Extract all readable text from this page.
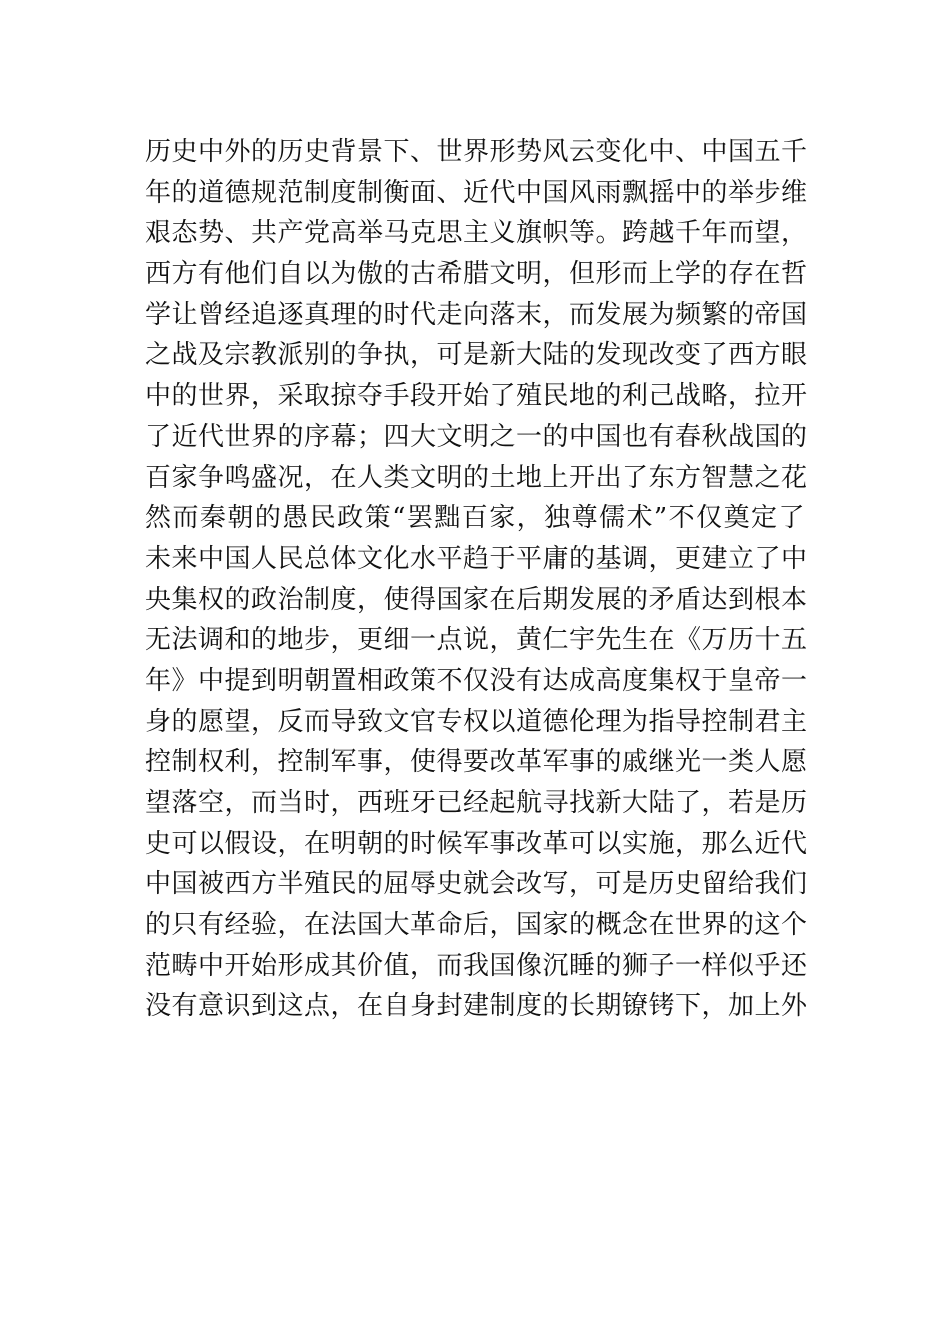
历史中外的历史背景下、世界形势风云变化中、中国五千
年的道德规范制度制衡面、近代中国风雨飘摇中的举步维
艰态势、共产党高举马克思主义旗帜等。跨越千年而望，
西方有他们自以为傲的古希腊文明，但形而上学的存在哲
学让曾经追逐真理的时代走向落末，而发展为频繁的帝国
之战及宗教派别的争执，可是新大陆的发现改变了西方眼
中的世界，采取掠夺手段开始了殖民地的利己战略，拉开
了近代世界的序幕；四大文明之一的中国也有春秋战国的
百家争鸣盛况，在人类文明的土地上开出了东方智慧之花
然而秦朝的愚民政策“罢黜百家，独尊儒术”不仅奠定了
未来中国人民总体文化水平趋于平庸的基调，更建立了中
央集权的政治制度，使得国家在后期发展的矛盾达到根本
无法调和的地步，更细一点说，黄仁宇先生在《万历十五
年》中提到明朝置相政策不仅没有达成高度集权于皇帝一
身的愿望，反而导致文官专权以道德伦理为指导控制君主
控制权利，控制军事，使得要改革军事的戚继光一类人愿
望落空，而当时，西班牙已经起航寻找新大陆了，若是历
史可以假设，在明朝的时候军事改革可以实施，那么近代
中国被西方半殖民的屈辱史就会改写，可是历史留给我们
的只有经验，在法国大革命后，国家的概念在世界的这个
范畴中开始形成其价值，而我国像沉睡的狮子一样似乎还
没有意识到这点，在自身封建制度的长期镣铐下，加上外
